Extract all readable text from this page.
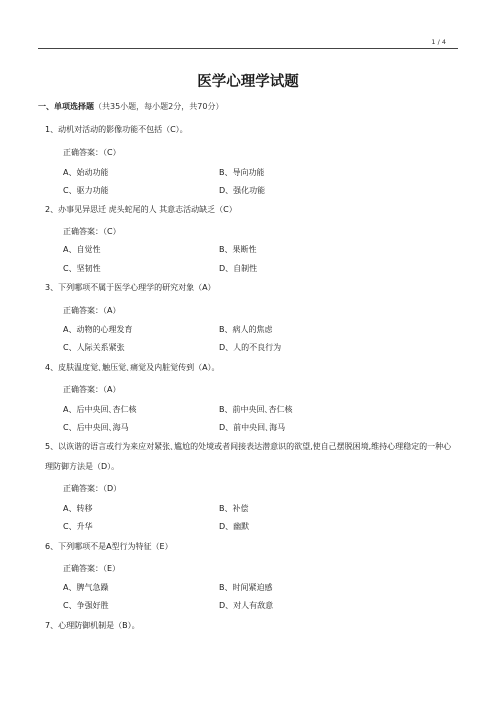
1 / 4
医学心理学试题
一、单项选择题（共35小题，每小题2分，共70分）
1、动机对活动的影像功能不包括（C）。
正确答案：（C）
A、始动功能	B、导向功能
C、驱力功能	D、强化功能
2、办事见异思迁 虎头蛇尾的人 其意志活动缺乏（C）
正确答案：（C）
A、自觉性	B、果断性
C、坚韧性	D、自制性
3、下列哪项不属于医学心理学的研究对象（A）
正确答案：（A）
A、动物的心理发育	B、病人的焦虑
C、人际关系紧张	D、人的不良行为
4、皮肤温度觉､触压觉､痛觉及内脏觉传到（A）。
正确答案：（A）
A、后中央回､杏仁核	B、前中央回､杏仁核
C、后中央回､海马	D、前中央回､海马
5、以诙谐的语言或行为来应对紧张､尴尬的处境或者间接表达潜意识的欲望,使自己摆脱困境,维持心理稳定的一种心理防御方法是（D）。
正确答案：（D）
A、转移	B、补偿
C、升华	D、幽默
6、下列哪项不是A型行为特征（E）
正确答案：（E）
A、脾气急躁	B、时间紧迫感
C、争强好胜	D、对人有敌意
7、心理防御机制是（B）。
